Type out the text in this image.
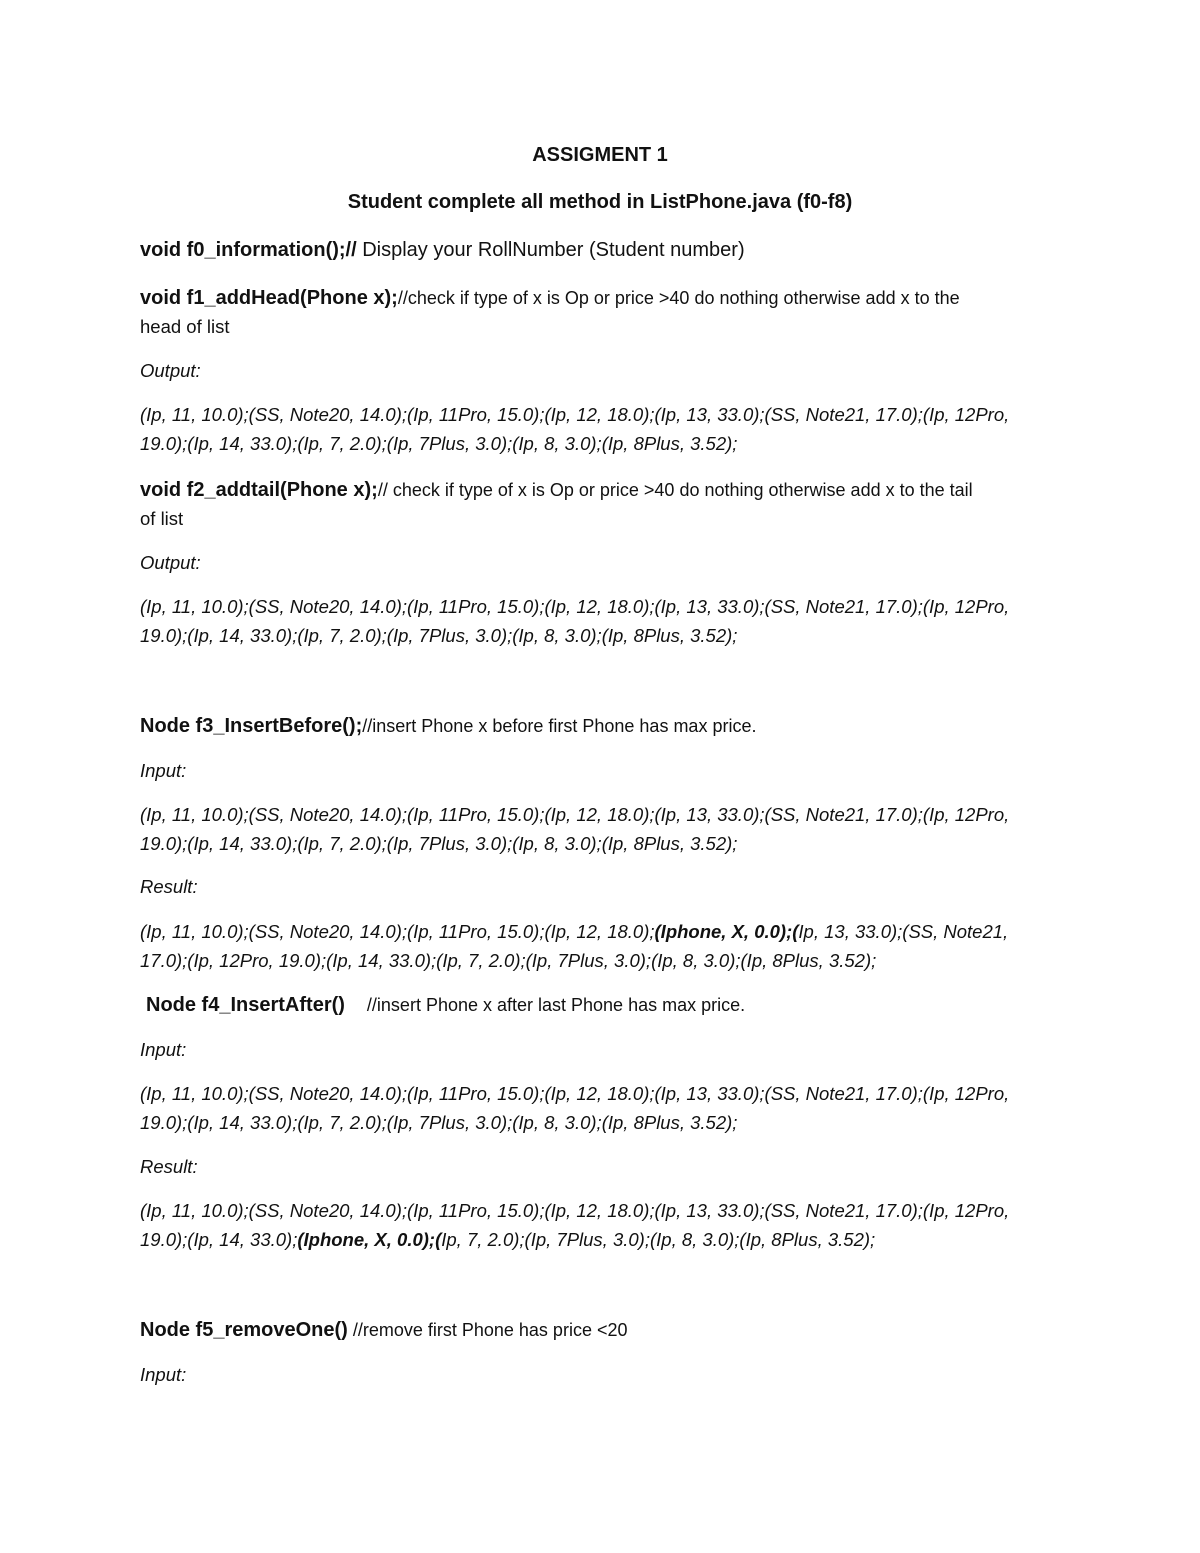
ASSIGMENT 1
Student complete all method in ListPhone.java (f0-f8)
void f0_information();// Display your RollNumber (Student number)
void f1_addHead(Phone x);//check if type of x is Op or price >40 do nothing otherwise add x to the
head of list
Output:
(Ip, 11, 10.0);(SS, Note20, 14.0);(Ip, 11Pro, 15.0);(Ip, 12, 18.0);(Ip, 13, 33.0);(SS, Note21, 17.0);(Ip, 12Pro,
19.0);(Ip, 14, 33.0);(Ip, 7, 2.0);(Ip, 7Plus, 3.0);(Ip, 8, 3.0);(Ip, 8Plus, 3.52);
void f2_addtail(Phone x);// check if type of x is Op or price >40 do nothing otherwise add x to the tail
of list
Output:
(Ip, 11, 10.0);(SS, Note20, 14.0);(Ip, 11Pro, 15.0);(Ip, 12, 18.0);(Ip, 13, 33.0);(SS, Note21, 17.0);(Ip, 12Pro,
19.0);(Ip, 14, 33.0);(Ip, 7, 2.0);(Ip, 7Plus, 3.0);(Ip, 8, 3.0);(Ip, 8Plus, 3.52);
Node f3_InsertBefore();//insert Phone x before first Phone has max price.
Input:
(Ip, 11, 10.0);(SS, Note20, 14.0);(Ip, 11Pro, 15.0);(Ip, 12, 18.0);(Ip, 13, 33.0);(SS, Note21, 17.0);(Ip, 12Pro,
19.0);(Ip, 14, 33.0);(Ip, 7, 2.0);(Ip, 7Plus, 3.0);(Ip, 8, 3.0);(Ip, 8Plus, 3.52);
Result:
(Ip, 11, 10.0);(SS, Note20, 14.0);(Ip, 11Pro, 15.0);(Ip, 12, 18.0);(Iphone, X, 0.0);(Ip, 13, 33.0);(SS, Note21,
17.0);(Ip, 12Pro, 19.0);(Ip, 14, 33.0);(Ip, 7, 2.0);(Ip, 7Plus, 3.0);(Ip, 8, 3.0);(Ip, 8Plus, 3.52);
Node f4_InsertAfter() //insert Phone x after last Phone has max price.
Input:
(Ip, 11, 10.0);(SS, Note20, 14.0);(Ip, 11Pro, 15.0);(Ip, 12, 18.0);(Ip, 13, 33.0);(SS, Note21, 17.0);(Ip, 12Pro,
19.0);(Ip, 14, 33.0);(Ip, 7, 2.0);(Ip, 7Plus, 3.0);(Ip, 8, 3.0);(Ip, 8Plus, 3.52);
Result:
(Ip, 11, 10.0);(SS, Note20, 14.0);(Ip, 11Pro, 15.0);(Ip, 12, 18.0);(Ip, 13, 33.0);(SS, Note21, 17.0);(Ip, 12Pro,
19.0);(Ip, 14, 33.0);(Iphone, X, 0.0);(Ip, 7, 2.0);(Ip, 7Plus, 3.0);(Ip, 8, 3.0);(Ip, 8Plus, 3.52);
Node f5_removeOne() //remove first Phone has price <20
Input:
